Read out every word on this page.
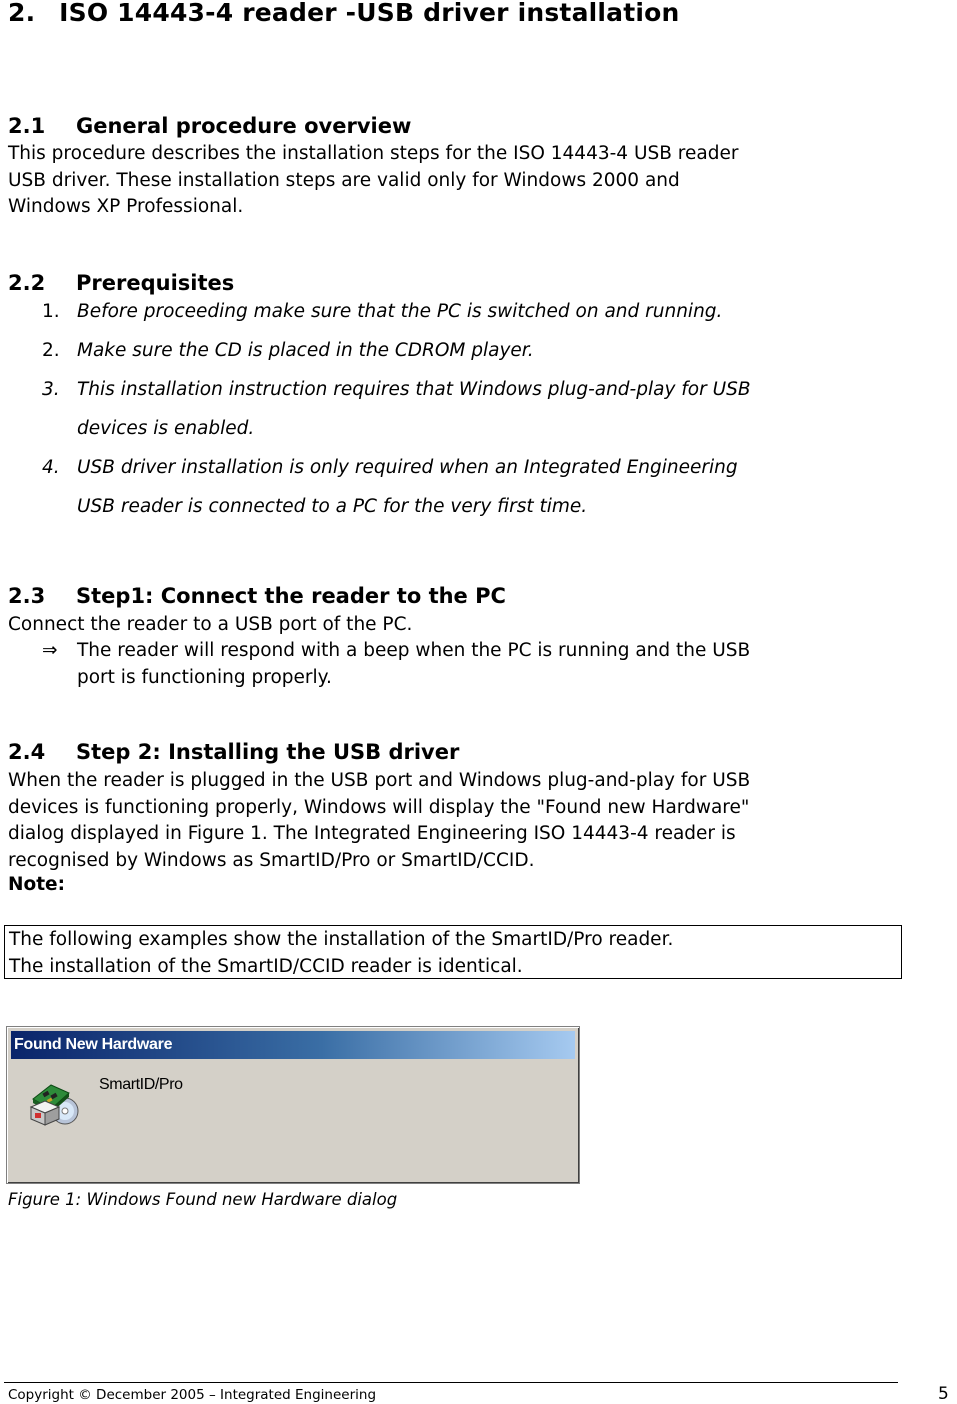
2. ISO 14443-4 reader -USB driver installation
2.1 General procedure overview
This procedure describes the installation steps for the ISO 14443-4 USB reader
USB driver. These installation steps are valid only for Windows 2000 and
Windows XP Professional.
2.2 Prerequisites
1. Before proceeding make sure that the PC is switched on and running.
2. Make sure the CD is placed in the CDROM player.
3. This installation instruction requires that Windows plug-and-play for USB
devices is enabled.
4. USB driver installation is only required when an Integrated Engineering
USB reader is connected to a PC for the very first time.
2.3 Step1: Connect the reader to the PC
Connect the reader to a USB port of the PC.
⇒ The reader will respond with a beep when the PC is running and the USB
port is functioning properly.
2.4 Step 2: Installing the USB driver
When the reader is plugged in the USB port and Windows plug-and-play for USB
devices is functioning properly, Windows will display the "Found new Hardware"
dialog displayed in Figure 1. The Integrated Engineering ISO 14443-4 reader is
recognised by Windows as SmartID/Pro or SmartID/CCID.
Note:
The following examples show the installation of the SmartID/Pro reader.
The installation of the SmartID/CCID reader is identical.
Found New Hardware
SmartID/Pro
Figure 1: Windows Found new Hardware dialog
Copyright © December 2005 – Integrated Engineering	5
